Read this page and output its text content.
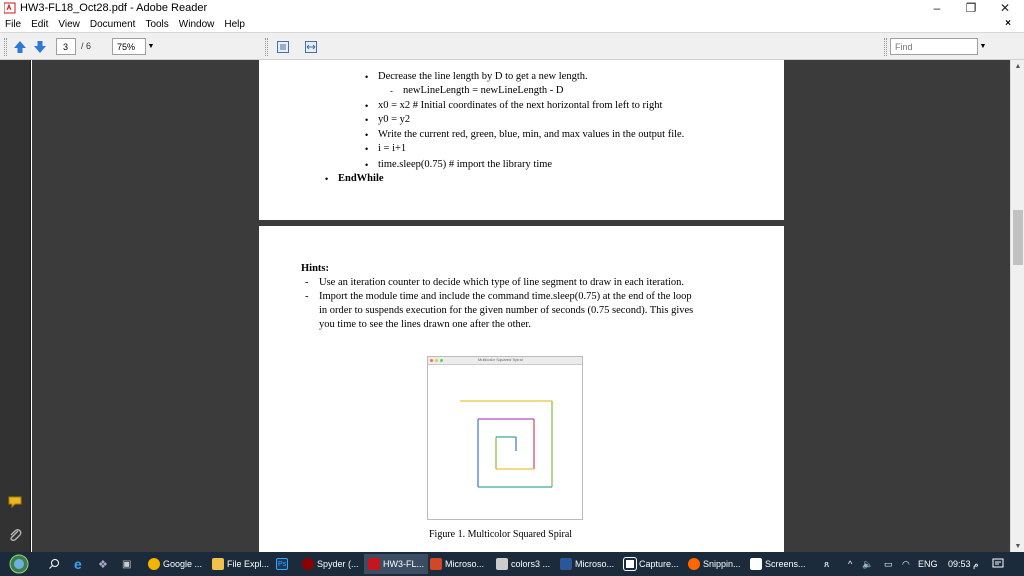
HW3-FL18_Oct28.pdf - Adobe Reader	–	❐	✕
File Edit View Document Tools Window Help	×
3	/ 6	75%	▼
Find	▼
• Decrease the line length by D to get a new length.
- newLineLength = newLineLength - D
• x0 = x2 # Initial coordinates of the next horizontal from left to right
• y0 = y2
• Write the current red, green, blue, min, and max values in the output file.
• i = i+1
• time.sleep(0.75) # import the library time
• EndWhile
Hints:
- Use an iteration counter to decide which type of line segment to draw in each iteration.
- Import the module time and include the command time.sleep(0.75) at the end of the loop
in order to suspends execution for the given number of seconds (0.75 second). This gives
you time to see the lines drawn one after the other.
Multicolor Squared Spiral
Figure 1. Multicolor Squared Spiral
▲
▼
e ❖ ▣	Google ...	File Expl... Ps	Spyder (...	HW3-FL... Microso...	colors3 ...	Microso...	Capture...	Snippin...	Screens... ጸ ^ 🔈 ▭ ◠ ENG 09:53 م
